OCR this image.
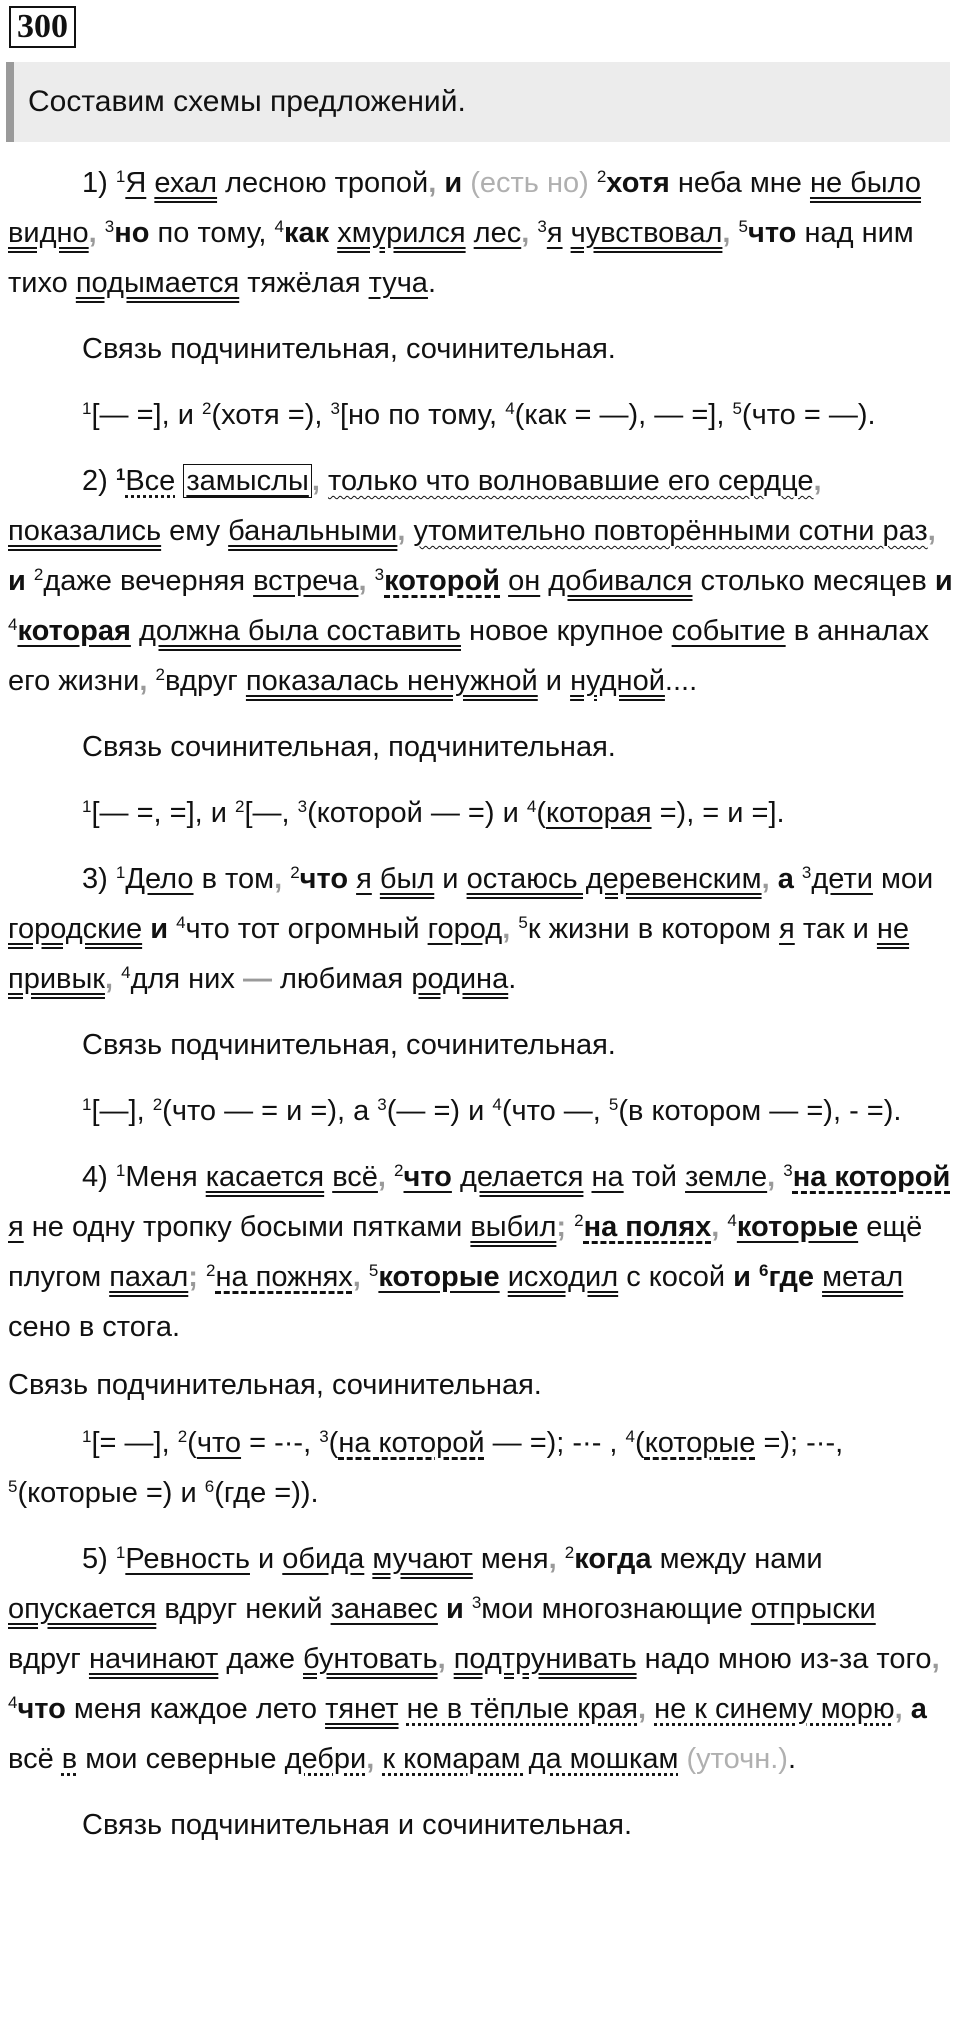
300
Составим схемы предложений.

1) $^1$Я ехал лесною тропой, и (есть но) $^2$хотя неба мне не было видно, $^3$но по тому, $^4$как хмурился лес, $^3$я чувствовал, $^5$что над ним тихо подымается тяжёлая туча.

Связь подчинительная, сочинительная.

$^1$[— =], и $^2$(хотя =), $^3$[но по тому, $^4$(как = —), — =], $^5$(что = —).

2) $^1$Все замыслы , только что волновавшие его сердце, показались ему банальными, утомительно повторёнными сотни раз, и $^2$даже вечерняя встреча, $^3$которой он добивался столько месяцев и $^4$которая должна была составить новое крупное событие в анналах его жизни, $^2$вдруг показалась ненужной и нудной....

Связь сочинительная, подчинительная.

$^1$[— =, =], и $^2$[—, $^3$(которой — =) и $^4$(которая =), = и =].

3) $^1$Дело в том, $^2$что я был и остаюсь деревенским, а $^3$дети мои городские и $^4$что тот огромный город, $^5$к жизни в котором я так и не привык, $^4$для них — любимая родина.

Связь подчинительная, сочинительная.

$^1$[—], $^2$(что — = и =), а $^3$(— =) и $^4$(что —, $^5$(в котором — =), - =).

4) $^1$Меня касается всё, $^2$что делается на той земле, $^3$на которой я не одну тропку босыми пятками выбил; $^2$на полях, $^4$которые ещё плугом пахал; $^2$на пожнях, $^5$которые исходил с косой и $^6$где метал сено в стога.

Связь подчинительная, сочинительная.

$^1$[= —], $^2$(что = -·-, $^3$(на которой — =); -·- , $^4$(которые =); -·-, $^5$(которые =) и $^6$(где =)).

5) $^1$Ревность и обида мучают меня, $^2$когда между нами опускается вдруг некий занавес и $^3$мои многознающие отпрыски вдруг начинают даже бунтовать, подтрунивать надо мною из-за того, $^4$что меня каждое лето тянет не в тёплые края, не к синему морю, а всё в мои северные дебри, к комарам да мошкам (уточн.).

Связь подчинительная и сочинительная.
